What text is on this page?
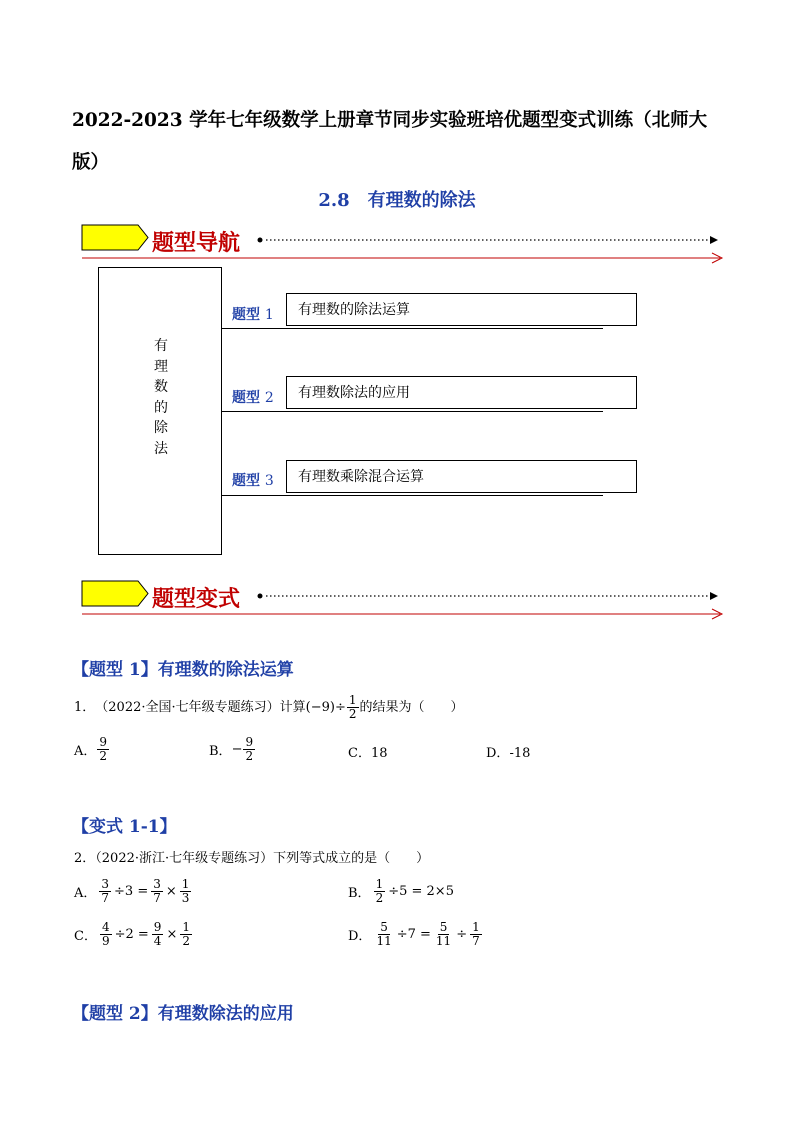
2022-2023 学年七年级数学上册章节同步实验班培优题型变式训练（北师大版）
2.8　有理数的除法
题型导航
有
理
数
的
除
法
题型 1	有理数的除法运算
题型 2	有理数除法的应用
题型 3	有理数乘除混合运算
题型变式
【题型 1】有理数的除法运算
1． （2022·全国·七年级专题练习） 计算 $(-9)\div \frac{1}{2}$ 的结果为（　　）
A． $\frac{9}{2}$	B． − $\frac{9}{2}$	C．18	D．-18
【变式 1-1】
2．（2022·浙江·七年级专题练习）下列等式成立的是（　　）
A． $\frac{3}{7} \div 3 = \frac{3}{7} \times \frac{1}{3}$	B． $\frac{1}{2} \div 5 = 2\times 5$
C． $\frac{4}{9} \div 2 = \frac{9}{4} \times \frac{1}{2}$	D． $\frac{5}{11} \div 7 = \frac{5}{11} \div \frac{1}{7}$
【题型 2】有理数除法的应用
